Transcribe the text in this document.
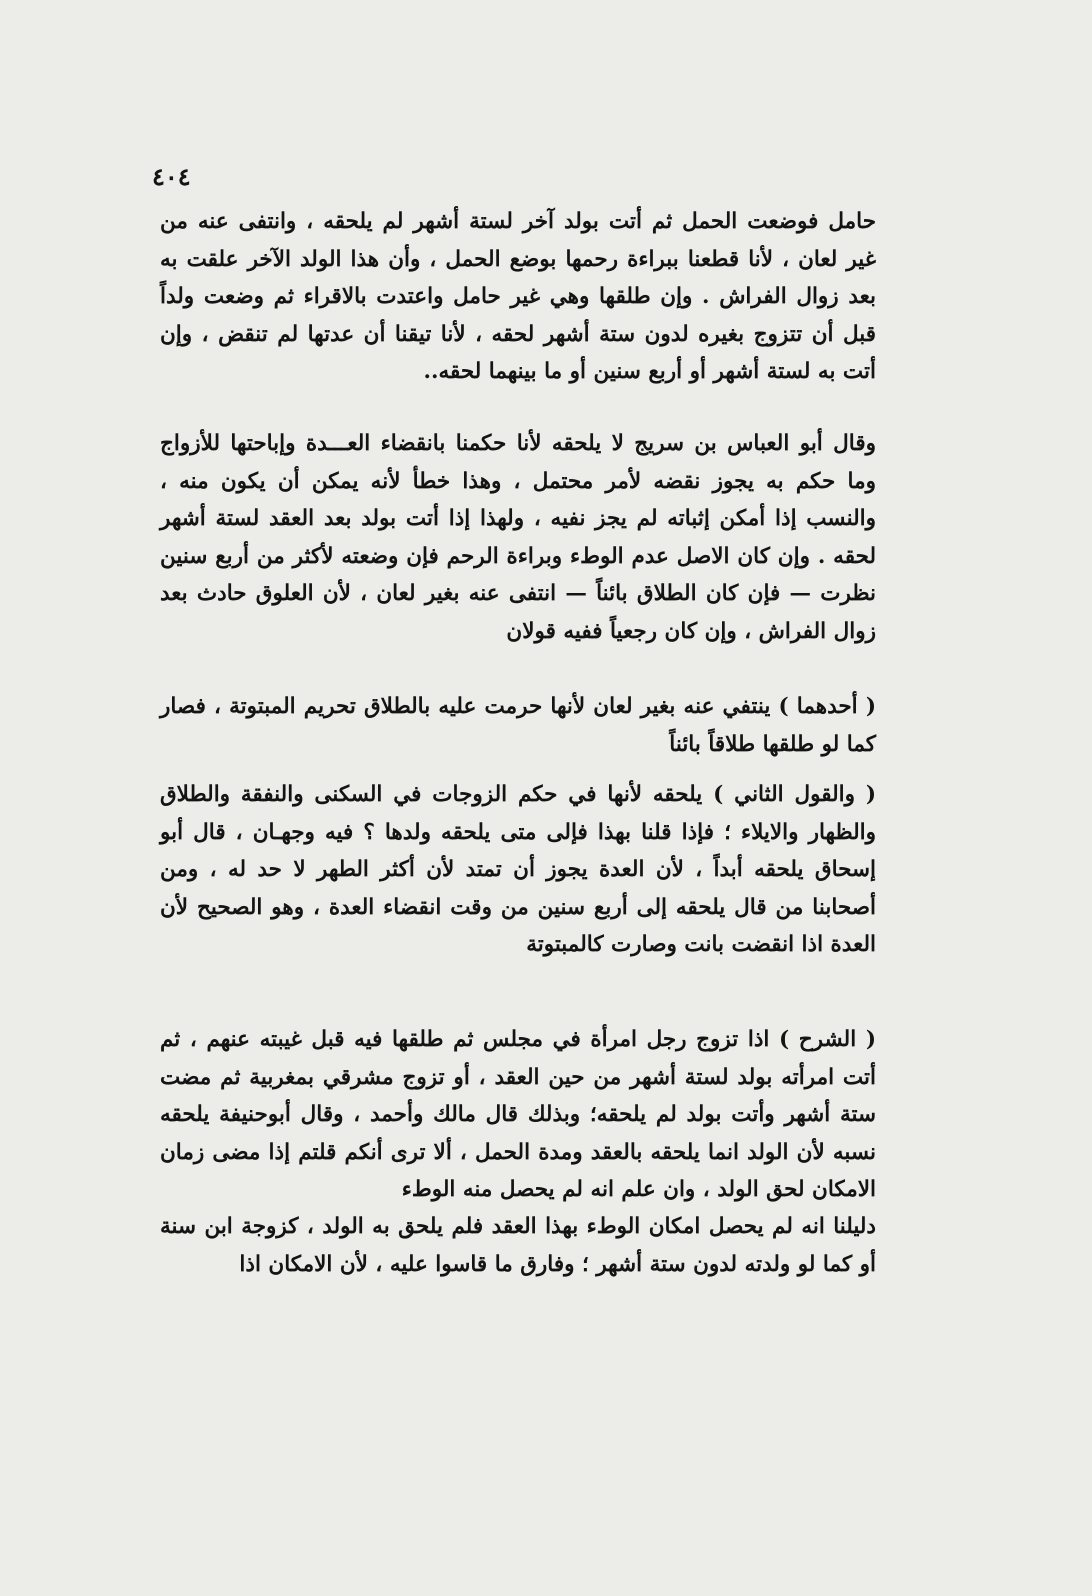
٤٠٤

حامل فوضعت الحمل ثم أتت بولد آخر لستة أشهر لم يلحقه ، وانتفى عنه من غير لعان ، لأنا قطعنا ببراءة رحمها بوضع الحمل ، وأن هذا الولد الآخر علقت به بعد زوال الفراش . وإن طلقها وهي غير حامل واعتدت بالاقراء ثم وضعت ولداً قبل أن تتزوج بغيره لدون ستة أشهر لحقه ، لأنا تيقنا أن عدتها لم تنقض ، وإن أتت به لستة أشهر أو أربع سنين أو ما بينهما لحقه..

وقال أبو العباس بن سريج لا يلحقه لأنا حكمنا بانقضاء العـــدة وإباحتها للأزواج وما حكم به يجوز نقضه لأمر محتمل ، وهذا خطأ لأنه يمكن أن يكون منه ، والنسب إذا أمكن إثباته لم يجز نفيه ، ولهذا إذا أتت بولد بعد العقد لستة أشهر لحقه . وإن كان الاصل عدم الوطء وبراءة الرحم فإن وضعته لأكثر من أربع سنين نظرت — فإن كان الطلاق بائناً — انتفى عنه بغير لعان ، لأن العلوق حادث بعد زوال الفراش ، وإن كان رجعياً ففيه قولان

( أحدهما ) ينتفي عنه بغير لعان لأنها حرمت عليه بالطلاق تحريم المبتوتة ، فصار كما لو طلقها طلاقاً بائناً

( والقول الثاني ) يلحقه لأنها في حكم الزوجات في السكنى والنفقة والطلاق والظهار والايلاء ؛ فإذا قلنا بهذا فإلى متى يلحقه ولدها ؟ فيه وجهـان ، قال أبو إسحاق يلحقه أبداً ، لأن العدة يجوز أن تمتد لأن أكثر الطهر لا حد له ، ومن أصحابنا من قال يلحقه إلى أربع سنين من وقت انقضاء العدة ، وهو الصحيح لأن العدة اذا انقضت بانت وصارت كالمبتوتة

( الشرح ) اذا تزوج رجل امرأة في مجلس ثم طلقها فيه قبل غيبته عنهم ، ثم أتت امرأته بولد لستة أشهر من حين العقد ، أو تزوج مشرقي بمغربية ثم مضت ستة أشهر وأتت بولد لم يلحقه؛ وبذلك قال مالك وأحمد ، وقال أبوحنيفة يلحقه نسبه لأن الولد انما يلحقه بالعقد ومدة الحمل ، ألا ترى أنكم قلتم إذا مضى زمان الامكان لحق الولد ، وان علم انه لم يحصل منه الوطء

دليلنا انه لم يحصل امكان الوطء بهذا العقد فلم يلحق به الولد ، كزوجة ابن سنة أو كما لو ولدته لدون ستة أشهر ؛ وفارق ما قاسوا عليه ، لأن الامكان اذا
